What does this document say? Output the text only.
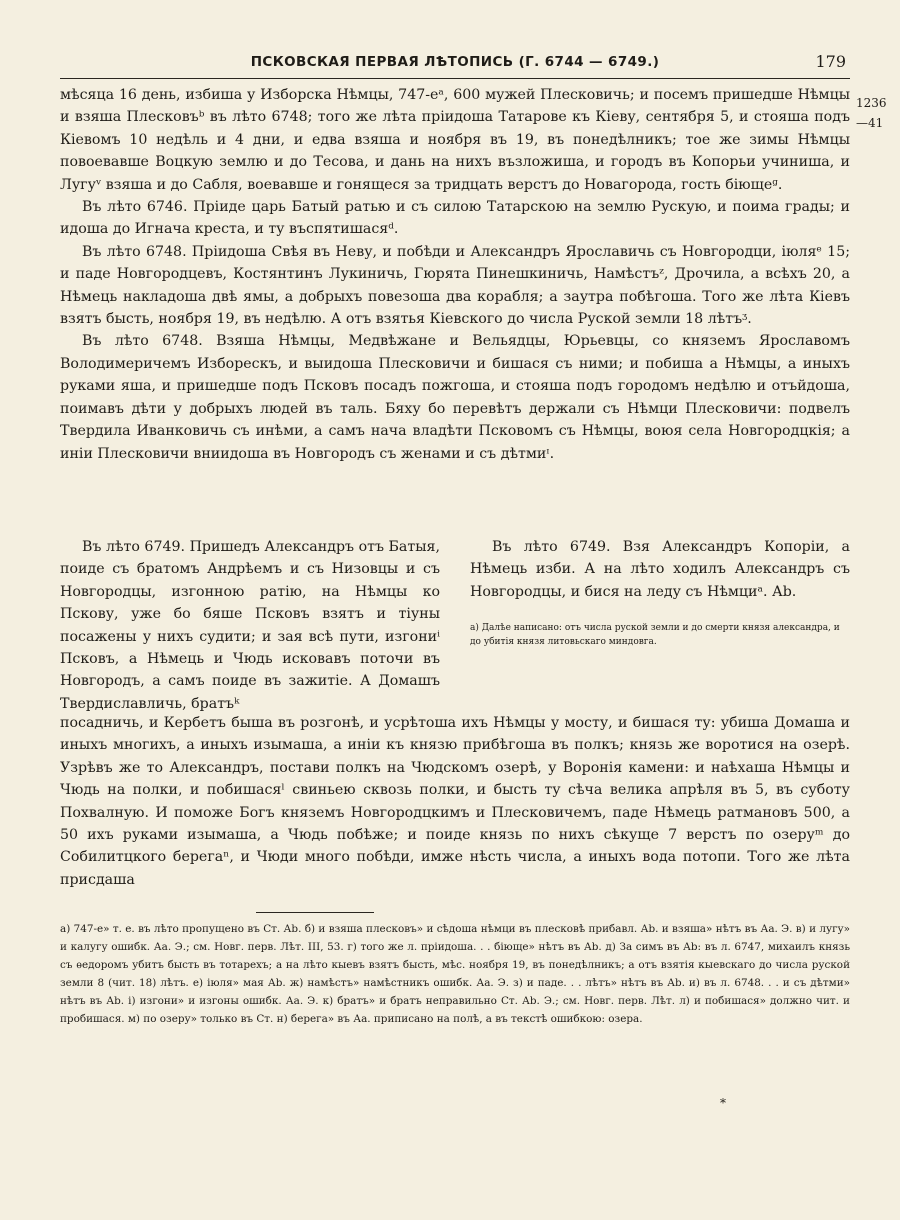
ПСКОВСКАЯ ПЕРВАЯ ЛѢТОПИСЬ (Г. 6744 — 6749.)	179
1236
—41

мѣсяца 16 день, избиша у Изборска Нѣмцы, 747-еᵃ, 600 мужей Плесковичь; и посемъ пришедше Нѣмцы и взяша Плесковъᵇ въ лѣто 6748; того же лѣта прiидоша Татарове къ Кiеву, сентября 5, и стояша подъ Кiевомъ 10 недѣль и 4 дни, и едва взяша и ноября въ 19, въ понедѣлникъ; тое же зимы Нѣмцы повоевавше Воцкую землю и до Тесова, и дань на нихъ възложиша, и городъ въ Копорьи учиниша, и Лугуᵛ взяша и до Сабля, воевавше и гонящеся за тридцать верстъ до Новагорода, гость бiющеᵍ.

Въ лѣто 6746. Прiиде царь Батый ратью и съ силою Татарскою на землю Рускую, и поима грады; и идоша до Игнача креста, и ту въспятишасяᵈ.

Въ лѣто 6748. Прiидоша Свѣя въ Неву, и побѣди и Александръ Ярославичь съ Новгородци, iюляᵉ 15; и паде Новгородцевъ, Костянтинъ Лукиничь, Гюрята Пинешкиничь, Намѣстъᶻ, Дрочила, а всѣхъ 20, а Нѣмець накладоша двѣ ямы, а добрыхъ повезоша два корабля; а заутра побѣгоша. Того же лѣта Кiевъ взятъ бысть, ноября 19, въ недѣлю. А отъ взятья Кiевского до числа Руской земли 18 лѣтъᶾ.

Въ лѣто 6748. Взяша Нѣмцы, Медвѣжане и Вельядцы, Юрьевцы, со княземъ Ярославомъ Володимеричемъ Изборескъ, и выидоша Плесковичи и бишася съ ними; и побиша а Нѣмцы, а иныхъ руками яша, и пришедше подъ Псковъ посадъ пожгоша, и стояша подъ городомъ недѣлю и отъйдоша, поимавъ дѣти у добрыхъ людей въ таль. Бяху бо перевѣтъ держали съ Нѣмци Плесковичи: подвелъ Твердила Иванковичь съ инѣми, а самъ нача владѣти Псковомъ съ Нѣмцы, воюя села Новгородцкiя; а инiи Плесковичи вниидоша въ Новгородъ съ женами и съ дѣтмиᶦ.

Въ лѣто 6749. Пришедъ Александръ отъ Батыя, поиде съ братомъ Андрѣемъ и съ Низовцы и съ Новгородцы, изгонною ратiю, на Нѣмцы ко Пскову, уже бо бяше Псковъ взятъ и тiуны посажены у нихъ судити; и зая всѣ пути, изгониⁱ Псковъ, а Нѣмець и Чюдь исковавъ поточи въ Новгородъ, а самъ поиде въ зажитiе. А Домашъ Твердиславличь, братъᵏ

Въ лѣто 6749. Взя Александръ Копорiи, а Нѣмець изби. А на лѣто ходилъ Александръ съ Новгородцы, и бися на леду съ Нѣмциᵃ. Аb.

а) Далѣе написано: отъ числа руской земли и до смерти князя александра, и до убитiя князя литовьскаго миндовга.

посадничь, и Кербетъ быша въ розгонѣ, и усрѣтоша ихъ Нѣмцы у мосту, и бишася ту: убиша Домаша и иныхъ многихъ, а иныхъ изымаша, а инiи къ князю прибѣгоша въ полкъ; князь же воротися на озерѣ. Узрѣвъ же то Александръ, постави полкъ на Чюдскомъ озерѣ, у Воронiя камени: и наѣхаша Нѣмцы и Чюдь на полки, и побишасяˡ свиньею сквозь полки, и бысть ту сѣча велика апрѣля въ 5, въ суботу Похвалную. И поможе Богъ княземъ Новгородцкимъ и Плесковичемъ, паде Нѣмець ратмановъ 500, а 50 ихъ руками изымаша, а Чюдь побѣже; и поиде князь по нихъ сѣкуще 7 верстъ по озеруᵐ до Собилитцкого берегаⁿ, и Чюди много побѣди, имже нѣсть числа, а иныхъ вода потопи. Того же лѣта присдаша

а) 747-е» т. е. въ лѣто пропущено въ Ст. Аb. б) и взяша плесковъ» и сѣдоша нѣмци въ плесковѣ прибавл. Аb. и взяша» нѣтъ въ Аа. Э. в) и лугу» и калугу ошибк. Аа. Э.; см. Новг. перв. Лѣт. III, 53. г) того же л. прiидоша. . . бiюще» нѣтъ въ Аb. д) За симъ въ Аb: въ л. 6747, михаилъ князь съ ѳедоромъ убитъ бысть въ тотарехъ; а на лѣто кыевъ взятъ бысть, мѣс. ноября 19, въ понедѣлникъ; а отъ взятiя кыевскаго до числа руской земли 8 (чит. 18) лѣтъ. е) iюля» мая Аb. ж) намѣстъ» намѣстникъ ошибк. Аа. Э. з) и паде. . . лѣтъ» нѣтъ въ Аb. и) въ л. 6748. . . и съ дѣтми» нѣтъ въ Аb. i) изгони» и изгоны ошибк. Аа. Э. к) братъ» и братъ неправильно Ст. Аb. Э.; см. Новг. перв. Лѣт. л) и побишася» должно чит. и пробишася. м) по озеру» только въ Ст. н) берега» въ Аа. приписано на полѣ, а въ текстѣ ошибкою: озера.

*
